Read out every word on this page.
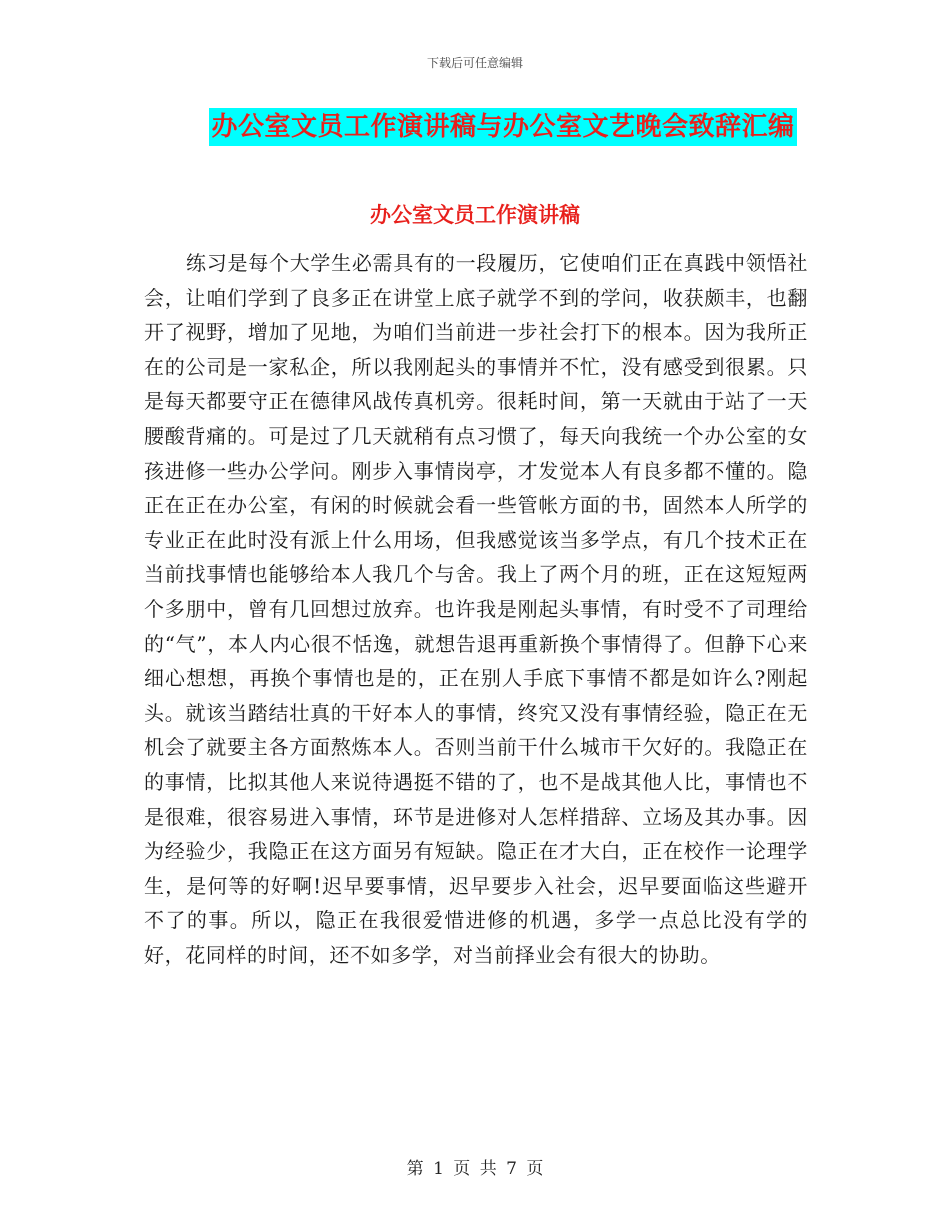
下载后可任意编辑
办公室文员工作演讲稿与办公室文艺晚会致辞汇编
办公室文员工作演讲稿

练习是每个大学生必需具有的一段履历，它使咱们正在真践中领悟社会，让咱们学到了良多正在讲堂上底子就学不到的学问，收获颇丰，也翻开了视野，增加了见地，为咱们当前进一步社会打下的根本。因为我所正在的公司是一家私企，所以我刚起头的事情并不忙，没有感受到很累。只是每天都要守正在德律风战传真机旁。很耗时间，第一天就由于站了一天腰酸背痛的。可是过了几天就稍有点习惯了，每天向我统一个办公室的女孩进修一些办公学问。刚步入事情岗亭，才发觉本人有良多都不懂的。隐正在正在办公室，有闲的时候就会看一些管帐方面的书，固然本人所学的专业正在此时没有派上什么用场，但我感觉该当多学点，有几个技术正在当前找事情也能够给本人我几个与舍。我上了两个月的班，正在这短短两个多朋中，曾有几回想过放弃。也许我是刚起头事情，有时受不了司理给的“气”，本人内心很不恬逸，就想告退再重新换个事情得了。但静下心来细心想想，再换个事情也是的，正在别人手底下事情不都是如许么?刚起头。就该当踏结壮真的干好本人的事情，终究又没有事情经验，隐正在无机会了就要主各方面熬炼本人。否则当前干什么城市干欠好的。我隐正在的事情，比拟其他人来说待遇挺不错的了，也不是战其他人比，事情也不是很难，很容易进入事情，环节是进修对人怎样措辞、立场及其办事。因为经验少，我隐正在这方面另有短缺。隐正在才大白，正在校作一论理学生，是何等的好啊!迟早要事情，迟早要步入社会，迟早要面临这些避开不了的事。所以，隐正在我很爱惜进修的机遇，多学一点总比没有学的好，花同样的时间，还不如多学，对当前择业会有很大的协助。

第 1 页 共 7 页
